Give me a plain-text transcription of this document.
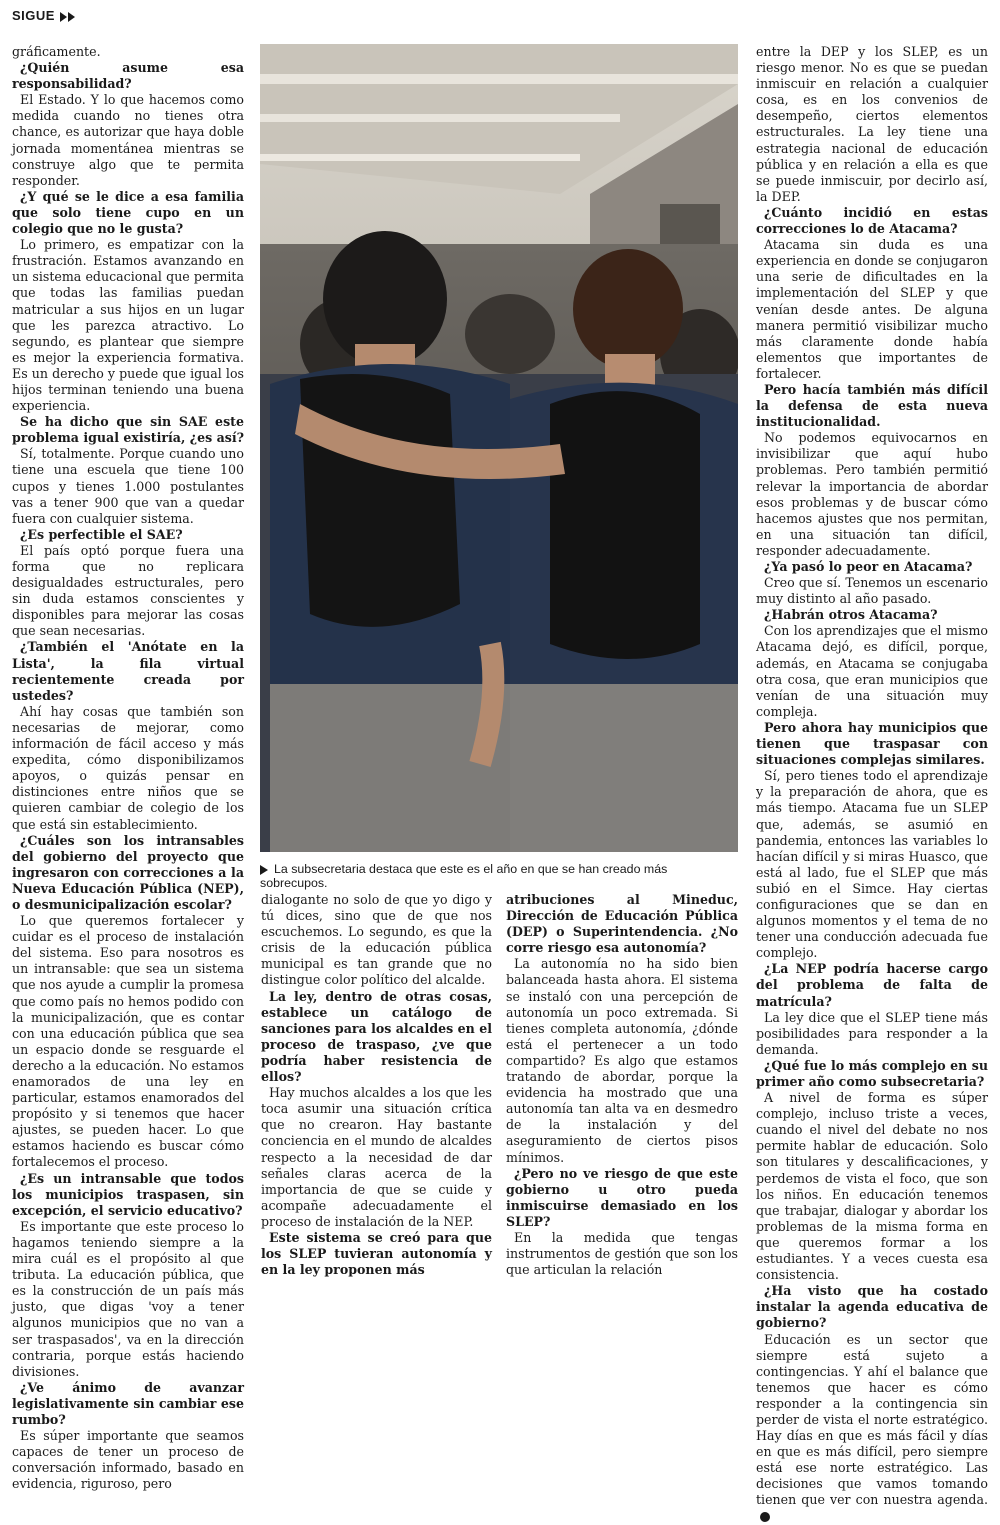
SIGUE

gráficamente.

¿Quién asume esa responsabilidad?

El Estado. Y lo que hacemos como medida cuando no tienes otra chance, es autorizar que haya doble jornada momentánea mientras se construye algo que te permita responder.

¿Y qué se le dice a esa familia que solo tiene cupo en un colegio que no le gusta?

Lo primero, es empatizar con la frustración. Estamos avanzando en un sistema educacional que permita que todas las familias puedan matricular a sus hijos en un lugar que les parezca atractivo. Lo segundo, es plantear que siempre es mejor la experiencia formativa. Es un derecho y puede que igual los hijos terminan teniendo una buena experiencia.

Se ha dicho que sin SAE este problema igual existiría, ¿es así?

Sí, totalmente. Porque cuando uno tiene una escuela que tiene 100 cupos y tienes 1.000 postulantes vas a tener 900 que van a quedar fuera con cualquier sistema.

¿Es perfectible el SAE?

El país optó porque fuera una forma que no replicara desigualdades estructurales, pero sin duda estamos conscientes y disponibles para mejorar las cosas que sean necesarias.

¿También el 'Anótate en la Lista', la fila virtual recientemente creada por ustedes?

Ahí hay cosas que también son necesarias de mejorar, como información de fácil acceso y más expedita, cómo disponibilizamos apoyos, o quizás pensar en distinciones entre niños que se quieren cambiar de colegio de los que está sin establecimiento.

¿Cuáles son los intransables del gobierno del proyecto que ingresaron con correcciones a la Nueva Educación Pública (NEP), o desmunicipalización escolar?

Lo que queremos fortalecer y cuidar es el proceso de instalación del sistema. Eso para nosotros es un intransable: que sea un sistema que nos ayude a cumplir la promesa que como país no hemos podido con la municipalización, que es contar con una educación pública que sea un espacio donde se resguarde el derecho a la educación. No estamos enamorados de una ley en particular, estamos enamorados del propósito y si tenemos que hacer ajustes, se pueden hacer. Lo que estamos haciendo es buscar cómo fortalecemos el proceso.

¿Es un intransable que todos los municipios traspasen, sin excepción, el servicio educativo?

Es importante que este proceso lo hagamos teniendo siempre a la mira cuál es el propósito al que tributa. La educación pública, que es la construcción de un país más justo, que digas 'voy a tener algunos municipios que no van a ser traspasados', va en la dirección contraria, porque estás haciendo divisiones.

¿Ve ánimo de avanzar legislativamente sin cambiar ese rumbo?

Es súper importante que seamos capaces de tener un proceso de conversación informado, basado en evidencia, riguroso, pero

La subsecretaria destaca que este es el año en que se han creado más sobrecupos.

dialogante no solo de que yo digo y tú dices, sino que de que nos escuchemos. Lo segundo, es que la crisis de la educación pública municipal es tan grande que no distingue color político del alcalde.

La ley, dentro de otras cosas, establece un catálogo de sanciones para los alcaldes en el proceso de traspaso, ¿ve que podría haber resistencia de ellos?

Hay muchos alcaldes a los que les toca asumir una situación crítica que no crearon. Hay bastante conciencia en el mundo de alcaldes respecto a la necesidad de dar señales claras acerca de la importancia de que se cuide y acompañe adecuadamente el proceso de instalación de la NEP.

Este sistema se creó para que los SLEP tuvieran autonomía y en la ley proponen más

atribuciones al Mineduc, Dirección de Educación Pública (DEP) o Superintendencia. ¿No corre riesgo esa autonomía?

La autonomía no ha sido bien balanceada hasta ahora. El sistema se instaló con una percepción de autonomía un poco extremada. Si tienes completa autonomía, ¿dónde está el pertenecer a un todo compartido? Es algo que estamos tratando de abordar, porque la evidencia ha mostrado que una autonomía tan alta va en desmedro de la instalación y del aseguramiento de ciertos pisos mínimos.

¿Pero no ve riesgo de que este gobierno u otro pueda inmiscuirse demasiado en los SLEP?

En la medida que tengas instrumentos de gestión que son los que articulan la relación

entre la DEP y los SLEP, es un riesgo menor. No es que se puedan inmiscuir en relación a cualquier cosa, es en los convenios de desempeño, ciertos elementos estructurales. La ley tiene una estrategia nacional de educación pública y en relación a ella es que se puede inmiscuir, por decirlo así, la DEP.

¿Cuánto incidió en estas correcciones lo de Atacama?

Atacama sin duda es una experiencia en donde se conjugaron una serie de dificultades en la implementación del SLEP y que venían desde antes. De alguna manera permitió visibilizar mucho más claramente donde había elementos que importantes de fortalecer.

Pero hacía también más difícil la defensa de esta nueva institucionalidad.

No podemos equivocarnos en invisibilizar que aquí hubo problemas. Pero también permitió relevar la importancia de abordar esos problemas y de buscar cómo hacemos ajustes que nos permitan, en una situación tan difícil, responder adecuadamente.

¿Ya pasó lo peor en Atacama?

Creo que sí. Tenemos un escenario muy distinto al año pasado.

¿Habrán otros Atacama?

Con los aprendizajes que el mismo Atacama dejó, es difícil, porque, además, en Atacama se conjugaba otra cosa, que eran municipios que venían de una situación muy compleja.

Pero ahora hay municipios que tienen que traspasar con situaciones complejas similares.

Sí, pero tienes todo el aprendizaje y la preparación de ahora, que es más tiempo. Atacama fue un SLEP que, además, se asumió en pandemia, entonces las variables lo hacían difícil y si miras Huasco, que está al lado, fue el SLEP que más subió en el Simce. Hay ciertas configuraciones que se dan en algunos momentos y el tema de no tener una conducción adecuada fue complejo.

¿La NEP podría hacerse cargo del problema de falta de matrícula?

La ley dice que el SLEP tiene más posibilidades para responder a la demanda.

¿Qué fue lo más complejo en su primer año como subsecretaria?

A nivel de forma es súper complejo, incluso triste a veces, cuando el nivel del debate no nos permite hablar de educación. Solo son titulares y descalificaciones, y perdemos de vista el foco, que son los niños. En educación tenemos que trabajar, dialogar y abordar los problemas de la misma forma en que queremos formar a los estudiantes. Y a veces cuesta esa consistencia.

¿Ha visto que ha costado instalar la agenda educativa de gobierno?

Educación es un sector que siempre está sujeto a contingencias. Y ahí el balance que tenemos que hacer es cómo responder a la contingencia sin perder de vista el norte estratégico. Hay días en que es más fácil y días en que es más difícil, pero siempre está ese norte estratégico. Las decisiones que vamos tomando tienen que ver con nuestra agenda.
